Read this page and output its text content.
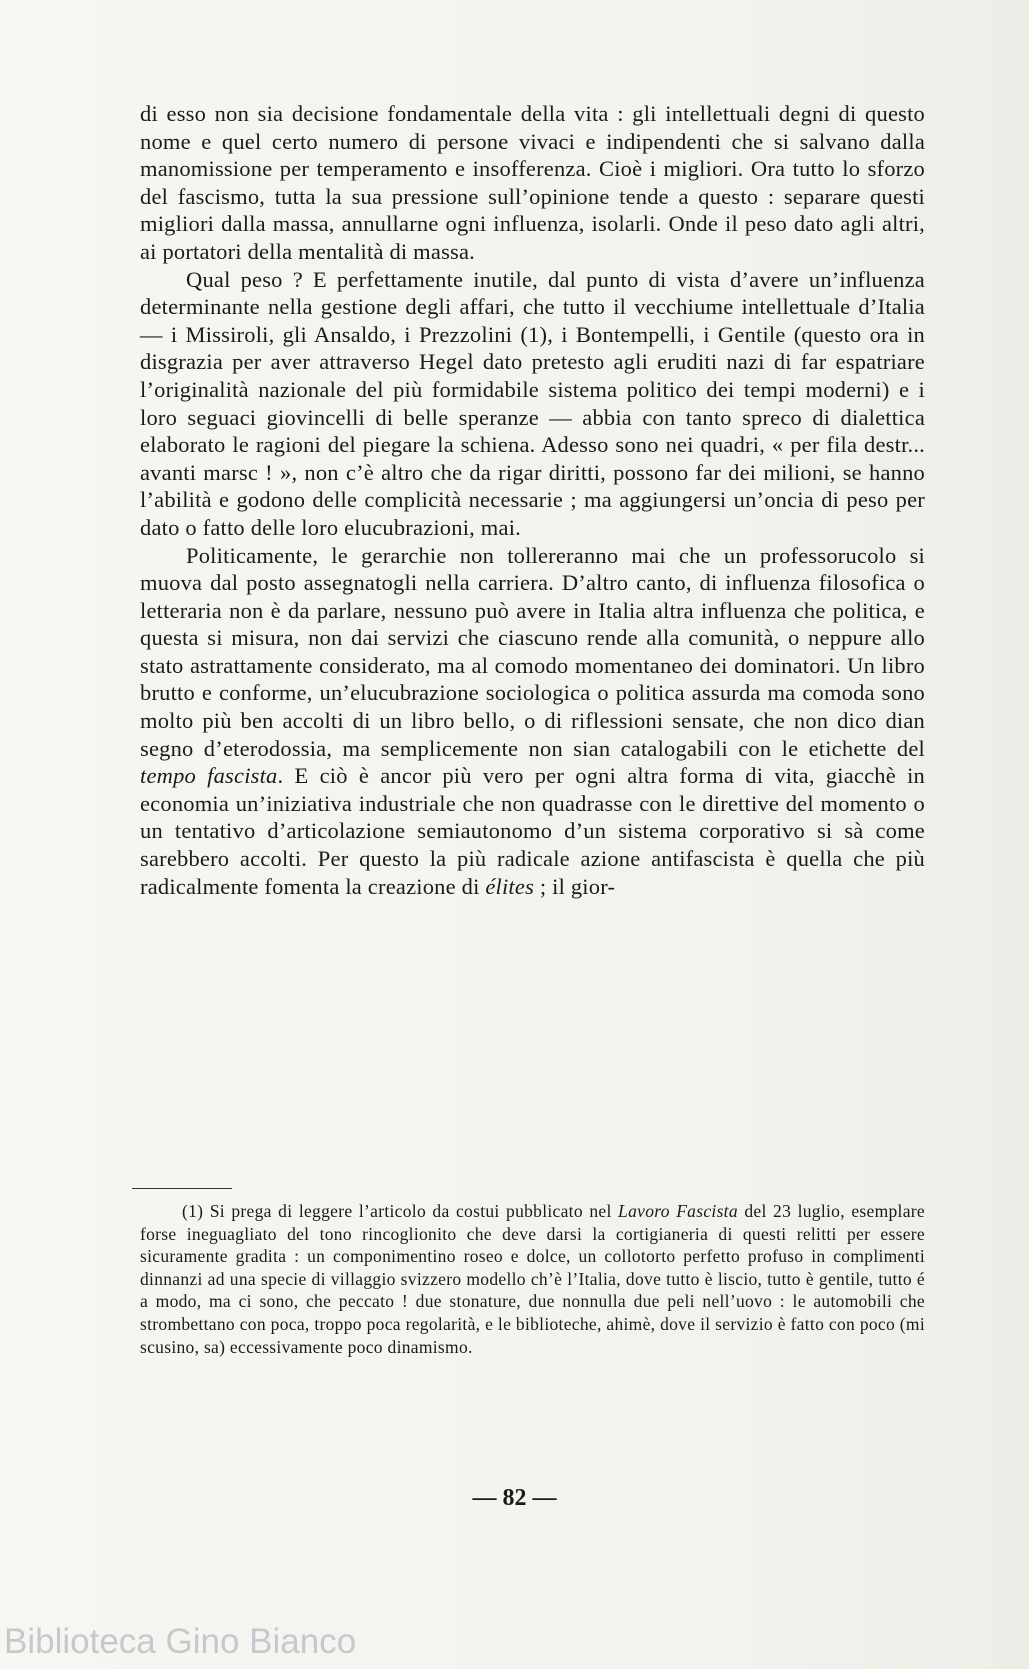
di esso non sia decisione fondamentale della vita : gli intellettuali degni di questo nome e quel certo numero di persone vivaci e indipendenti che si salvano dalla manomissione per temperamento e insofferenza. Cioè i migliori. Ora tutto lo sforzo del fascismo, tutta la sua pressione sull’opinione tende a questo : separare questi migliori dalla massa, annullarne ogni influenza, isolarli. Onde il peso dato agli altri, ai portatori della mentalità di massa.

Qual peso ? E perfettamente inutile, dal punto di vista d’avere un’influenza determinante nella gestione degli affari, che tutto il vecchiume intellettuale d’Italia — i Missiroli, gli Ansaldo, i Prezzolini (1), i Bontempelli, i Gentile (questo ora in disgrazia per aver attraverso Hegel dato pretesto agli eruditi nazi di far espatriare l’originalità nazionale del più formidabile sistema politico dei tempi moderni) e i loro seguaci giovincelli di belle speranze — abbia con tanto spreco di dialettica elaborato le ragioni del piegare la schiena. Adesso sono nei quadri, « per fila destr... avanti marsc ! », non c’è altro che da rigar diritti, possono far dei milioni, se hanno l’abilità e godono delle complicità necessarie ; ma aggiungersi un’oncia di peso per dato o fatto delle loro elucubrazioni, mai.

Politicamente, le gerarchie non tollereranno mai che un professorucolo si muova dal posto assegnatogli nella carriera. D’altro canto, di influenza filosofica o letteraria non è da parlare, nessuno può avere in Italia altra influenza che politica, e questa si misura, non dai servizi che ciascuno rende alla comunità, o neppure allo stato astrattamente considerato, ma al comodo momentaneo dei dominatori. Un libro brutto e conforme, un’elucubrazione sociologica o politica assurda ma comoda sono molto più ben accolti di un libro bello, o di riflessioni sensate, che non dico dian segno d’eterodossia, ma semplicemente non sian catalogabili con le etichette del tempo fascista. E ciò è ancor più vero per ogni altra forma di vita, giacchè in economia un’iniziativa industriale che non quadrasse con le direttive del momento o un tentativo d’articolazione semiautonomo d’un sistema corporativo si sà come sarebbero accolti. Per questo la più radicale azione antifascista è quella che più radicalmente fomenta la creazione di élites ; il gior-

(1) Si prega di leggere l’articolo da costui pubblicato nel Lavoro Fascista del 23 luglio, esemplare forse ineguagliato del tono rincoglionito che deve darsi la cortigianeria di questi relitti per essere sicuramente gradita : un componimentino roseo e dolce, un collotorto perfetto profuso in complimenti dinnanzi ad una specie di villaggio svizzero modello ch’è l’Italia, dove tutto è liscio, tutto è gentile, tutto é a modo, ma ci sono, che peccato ! due stonature, due nonnulla due peli nell’uovo : le automobili che strombettano con poca, troppo poca regolarità, e le biblioteche, ahimè, dove il servizio è fatto con poco (mi scusino, sa) eccessivamente poco dinamismo.

— 82 —
Biblioteca Gino Bianco
